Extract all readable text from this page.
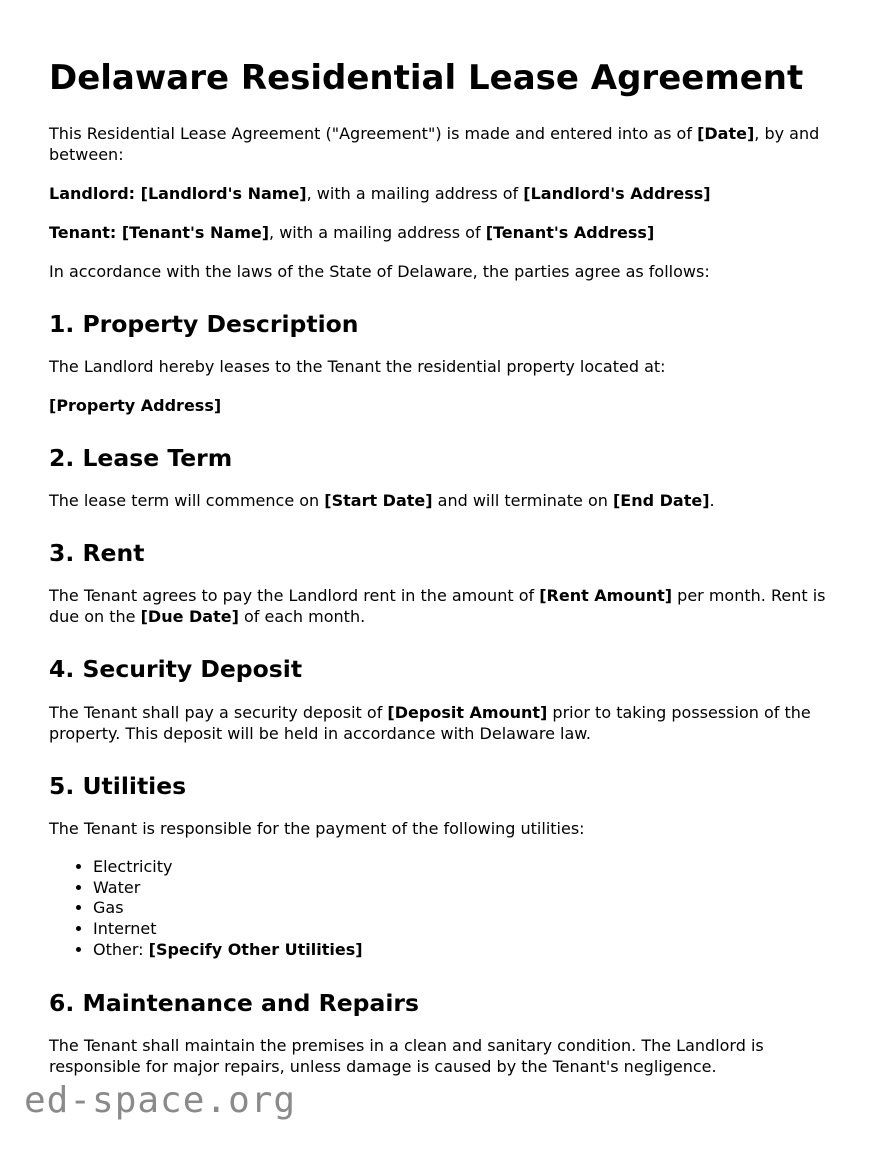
Delaware Residential Lease Agreement

This Residential Lease Agreement ("Agreement") is made and entered into as of [Date], by and between:

Landlord: [Landlord's Name], with a mailing address of [Landlord's Address]

Tenant: [Tenant's Name], with a mailing address of [Tenant's Address]

In accordance with the laws of the State of Delaware, the parties agree as follows:

1. Property Description

The Landlord hereby leases to the Tenant the residential property located at:

[Property Address]

2. Lease Term

The lease term will commence on [Start Date] and will terminate on [End Date].

3. Rent

The Tenant agrees to pay the Landlord rent in the amount of [Rent Amount] per month. Rent is due on the [Due Date] of each month.

4. Security Deposit

The Tenant shall pay a security deposit of [Deposit Amount] prior to taking possession of the property. This deposit will be held in accordance with Delaware law.

5. Utilities

The Tenant is responsible for the payment of the following utilities:

• Electricity
• Water
• Gas
• Internet
• Other: [Specify Other Utilities]
6. Maintenance and Repairs

The Tenant shall maintain the premises in a clean and sanitary condition. The Landlord is responsible for major repairs, unless damage is caused by the Tenant's negligence.

ed-space.org
